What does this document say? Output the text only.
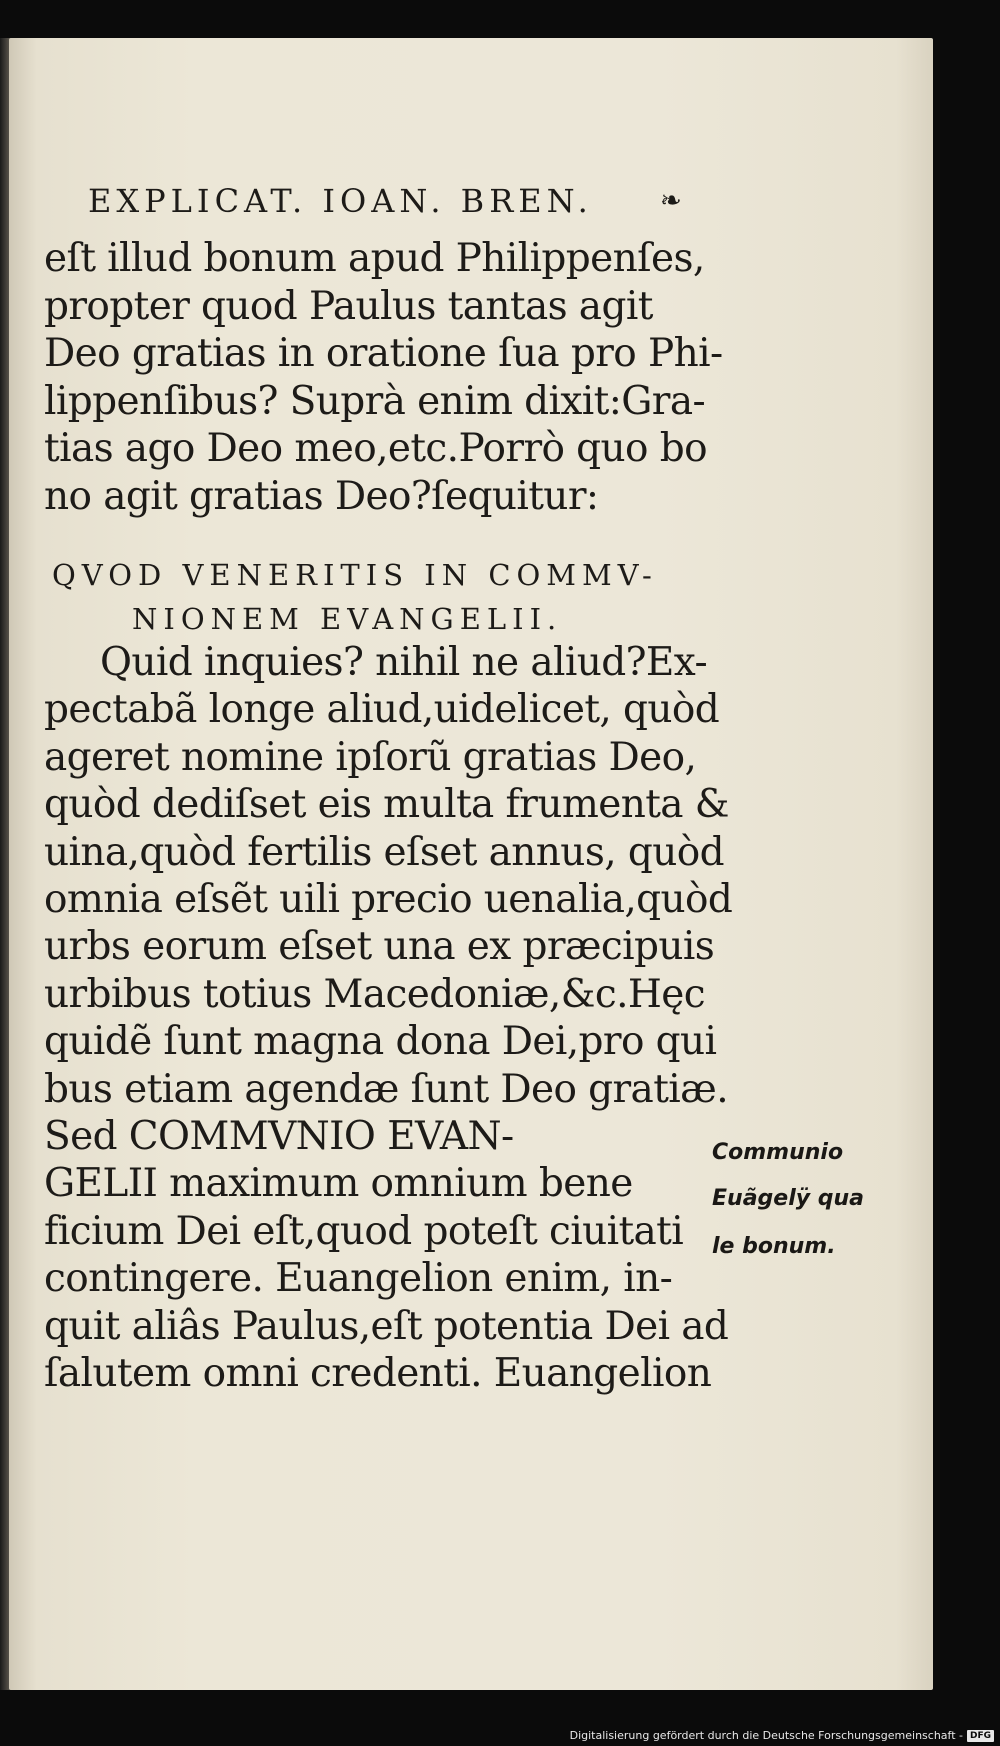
EXPLICAT. IOAN. BREN.	❧
eſt illud bonum apud Philippenſes,
propter quod Paulus tantas agit
Deo gratias in oratione ſua pro Phi-
lippenſibus? Suprà enim dixit:Gra-
tias ago Deo meo,etc.Porrò quo bo
no agit gratias Deo?ſequitur:
QVOD VENERITIS IN COMMV-
NIONEM EVANGELII.
Quid inquies? nihil ne aliud?Ex-
pectabã longe aliud,uidelicet, quòd
ageret nomine ipſorũ gratias Deo,
quòd dediſset eis multa frumenta &
uina,quòd fertilis eſset annus, quòd
omnia eſsẽt uili precio uenalia,quòd
urbs eorum eſset una ex præcipuis
urbibus totius Macedoniæ,&c.Hęc
quidẽ ſunt magna dona Dei,pro qui
bus etiam agendæ ſunt Deo gratiæ.
Sed COMMVNIO EVAN-
GELII maximum omnium bene
ficium Dei eſt,quod poteſt ciuitati
contingere. Euangelion enim, in-
quit aliâs Paulus,eſt potentia Dei ad
ſalutem omni credenti. Euangelion
Communio
Euãgelÿ qua
le bonum.
Digitalisierung gefördert durch die Deutsche Forschungsgemeinschaft - DFG
